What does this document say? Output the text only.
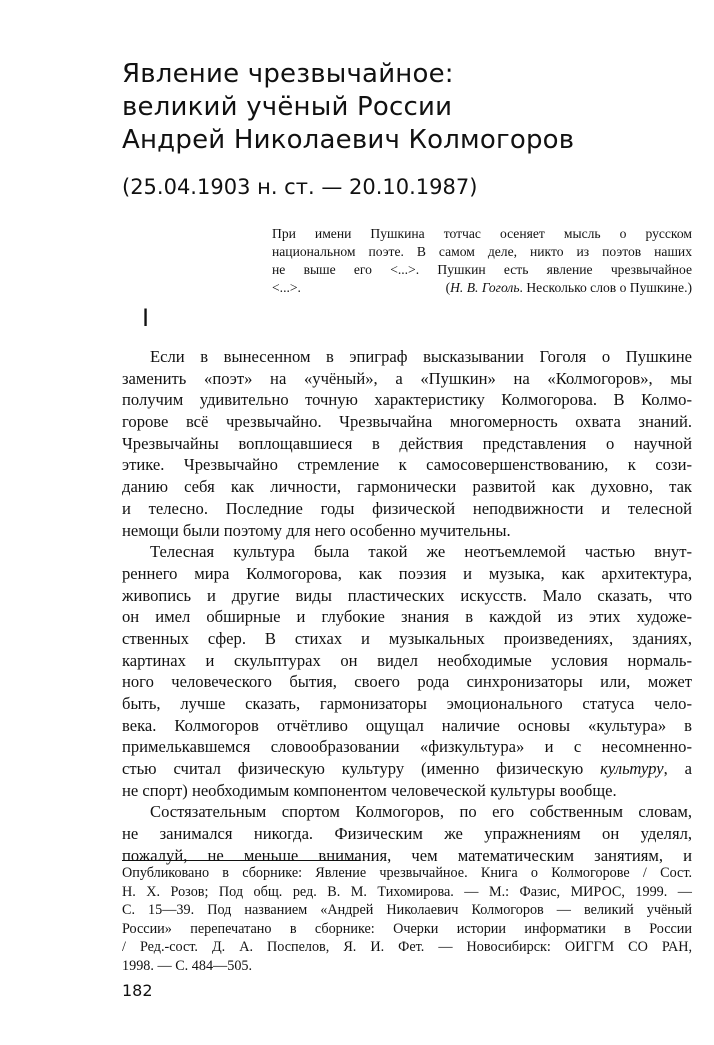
Явление чрезвычайное:
великий учёный России
Андрей Николаевич Колмогоров
(25.04.1903 н. ст. — 20.10.1987)
При имени Пушкина тотчас осеняет мысль о русском
национальном поэте. В самом деле, никто из поэтов наших
не выше его <...>. Пушкин есть явление чрезвычайное
<...>.	(Н. В. Гоголь. Несколько слов о Пушкине.)
I
Если в вынесенном в эпиграф высказывании Гоголя о Пушкине
заменить «поэт» на «учёный», а «Пушкин» на «Колмогоров», мы
получим удивительно точную характеристику Колмогорова. В Колмо-
горове всё чрезвычайно. Чрезвычайна многомерность охвата знаний.
Чрезвычайны воплощавшиеся в действия представления о научной
этике. Чрезвычайно стремление к самосовершенствованию, к сози-
данию себя как личности, гармонически развитой как духовно, так
и телесно. Последние годы физической неподвижности и телесной
немощи были поэтому для него особенно мучительны.
Телесная культура была такой же неотъемлемой частью внут-
реннего мира Колмогорова, как поэзия и музыка, как архитектура,
живопись и другие виды пластических искусств. Мало сказать, что
он имел обширные и глубокие знания в каждой из этих художе-
ственных сфер. В стихах и музыкальных произведениях, зданиях,
картинах и скульптурах он видел необходимые условия нормаль-
ного человеческого бытия, своего рода синхронизаторы или, может
быть, лучше сказать, гармонизаторы эмоционального статуса чело-
века. Колмогоров отчётливо ощущал наличие основы «культура» в
примелькавшемся словообразовании «физкультура» и с несомненно-
стью считал физическую культуру (именно физическую культуру, а
не спорт) необходимым компонентом человеческой культуры вообще.
Состязательным спортом Колмогоров, по его собственным словам,
не занимался никогда. Физическим же упражнениям он уделял,
пожалуй, не меньше внимания, чем математическим занятиям, и
Опубликовано в сборнике: Явление чрезвычайное. Книга о Колмогорове / Сост.
Н. Х. Розов; Под общ. ред. В. М. Тихомирова. — М.: Фазис, МИРОС, 1999. —
С. 15—39. Под названием «Андрей Николаевич Колмогоров — великий учёный
России» перепечатано в сборнике: Очерки истории информатики в России
/ Ред.-сост. Д. А. Поспелов, Я. И. Фет. — Новосибирск: ОИГГМ СО РАН,
1998. — С. 484—505.
182
